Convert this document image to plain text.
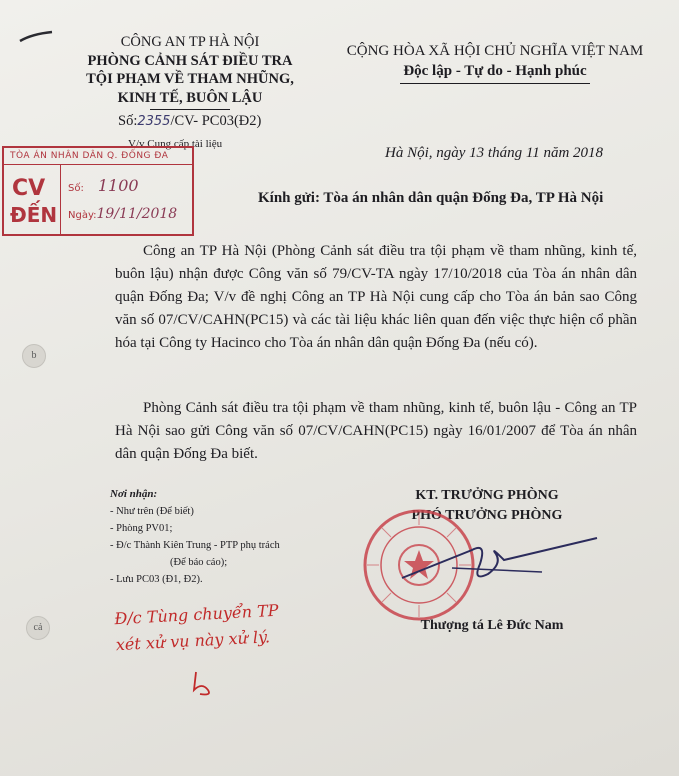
CÔNG AN TP HÀ NỘI
PHÒNG CẢNH SÁT ĐIỀU TRA
TỘI PHẠM VỀ THAM NHŨNG,
KINH TẾ, BUÔN LẬU
Số:2355/CV- PC03(Đ2)
V/v Cung cấp tài liệu
CỘNG HÒA XÃ HỘI CHỦ NGHĨA VIỆT NAM
Độc lập - Tự do - Hạnh phúc
Hà Nội, ngày 13 tháng 11 năm 2018
TÒA ÁN NHÂN DÂN Q. ĐỐNG ĐA
CV
ĐẾN
Số: 1100
Ngày:19/11/2018
Kính gửi: Tòa án nhân dân quận Đống Đa, TP Hà Nội
Công an TP Hà Nội (Phòng Cảnh sát điều tra tội phạm về tham nhũng, kinh tế, buôn lậu) nhận được Công văn số 79/CV-TA ngày 17/10/2018 của Tòa án nhân dân quận Đống Đa; V/v đề nghị Công an TP Hà Nội cung cấp cho Tòa án bản sao Công văn số 07/CV/CAHN(PC15) và các tài liệu khác liên quan đến việc thực hiện cổ phần hóa tại Công ty Hacinco cho Tòa án nhân dân quận Đống Đa (nếu có).
Phòng Cảnh sát điều tra tội phạm về tham nhũng, kinh tế, buôn lậu - Công an TP Hà Nội sao gửi Công văn số 07/CV/CAHN(PC15) ngày 16/01/2007 để Tòa án nhân dân quận Đống Đa biết.
b
cả
Nơi nhận:
- Như trên (Để biết)
- Phòng PV01;
- Đ/c Thành Kiên Trung - PTP phụ trách
(Để báo cáo);
- Lưu PC03 (Đ1, Đ2).
KT. TRƯỞNG PHÒNG
PHÓ TRƯỞNG PHÒNG
Thượng tá Lê Đức Nam
Đ/c Tùng chuyển TP
xét xử vụ này xử lý.
